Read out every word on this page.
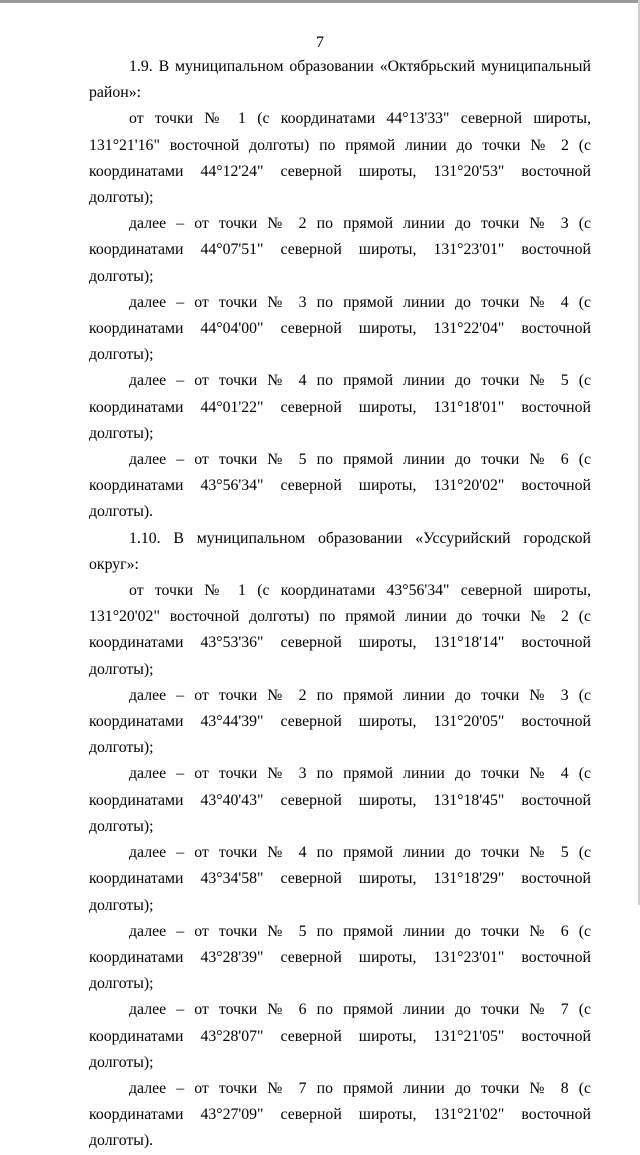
7

1.9. В муниципальном образовании «Октябрьский муниципальный район»:

от точки № 1 (с координатами 44°13'33" северной широты, 131°21'16" восточной долготы) по прямой линии до точки № 2 (с координатами 44°12'24" северной широты, 131°20'53" восточной долготы);

далее – от точки № 2 по прямой линии до точки № 3 (с координатами 44°07'51" северной широты, 131°23'01" восточной долготы);

далее – от точки № 3 по прямой линии до точки № 4 (с координатами 44°04'00" северной широты, 131°22'04" восточной долготы);

далее – от точки № 4 по прямой линии до точки № 5 (с координатами 44°01'22" северной широты, 131°18'01" восточной долготы);

далее – от точки № 5 по прямой линии до точки № 6 (с координатами 43°56'34" северной широты, 131°20'02" восточной долготы).

1.10. В муниципальном образовании «Уссурийский городской округ»:

от точки № 1 (с координатами 43°56'34" северной широты, 131°20'02" восточной долготы) по прямой линии до точки № 2 (с координатами 43°53'36" северной широты, 131°18'14" восточной долготы);

далее – от точки № 2 по прямой линии до точки № 3 (с координатами 43°44'39" северной широты, 131°20'05" восточной долготы);

далее – от точки № 3 по прямой линии до точки № 4 (с координатами 43°40'43" северной широты, 131°18'45" восточной долготы);

далее – от точки № 4 по прямой линии до точки № 5 (с координатами 43°34'58" северной широты, 131°18'29" восточной долготы);

далее – от точки № 5 по прямой линии до точки № 6 (с координатами 43°28'39" северной широты, 131°23'01" восточной долготы);

далее – от точки № 6 по прямой линии до точки № 7 (с координатами 43°28'07" северной широты, 131°21'05" восточной долготы);

далее – от точки № 7 по прямой линии до точки № 8 (с координатами 43°27'09" северной широты, 131°21'02" восточной долготы).
